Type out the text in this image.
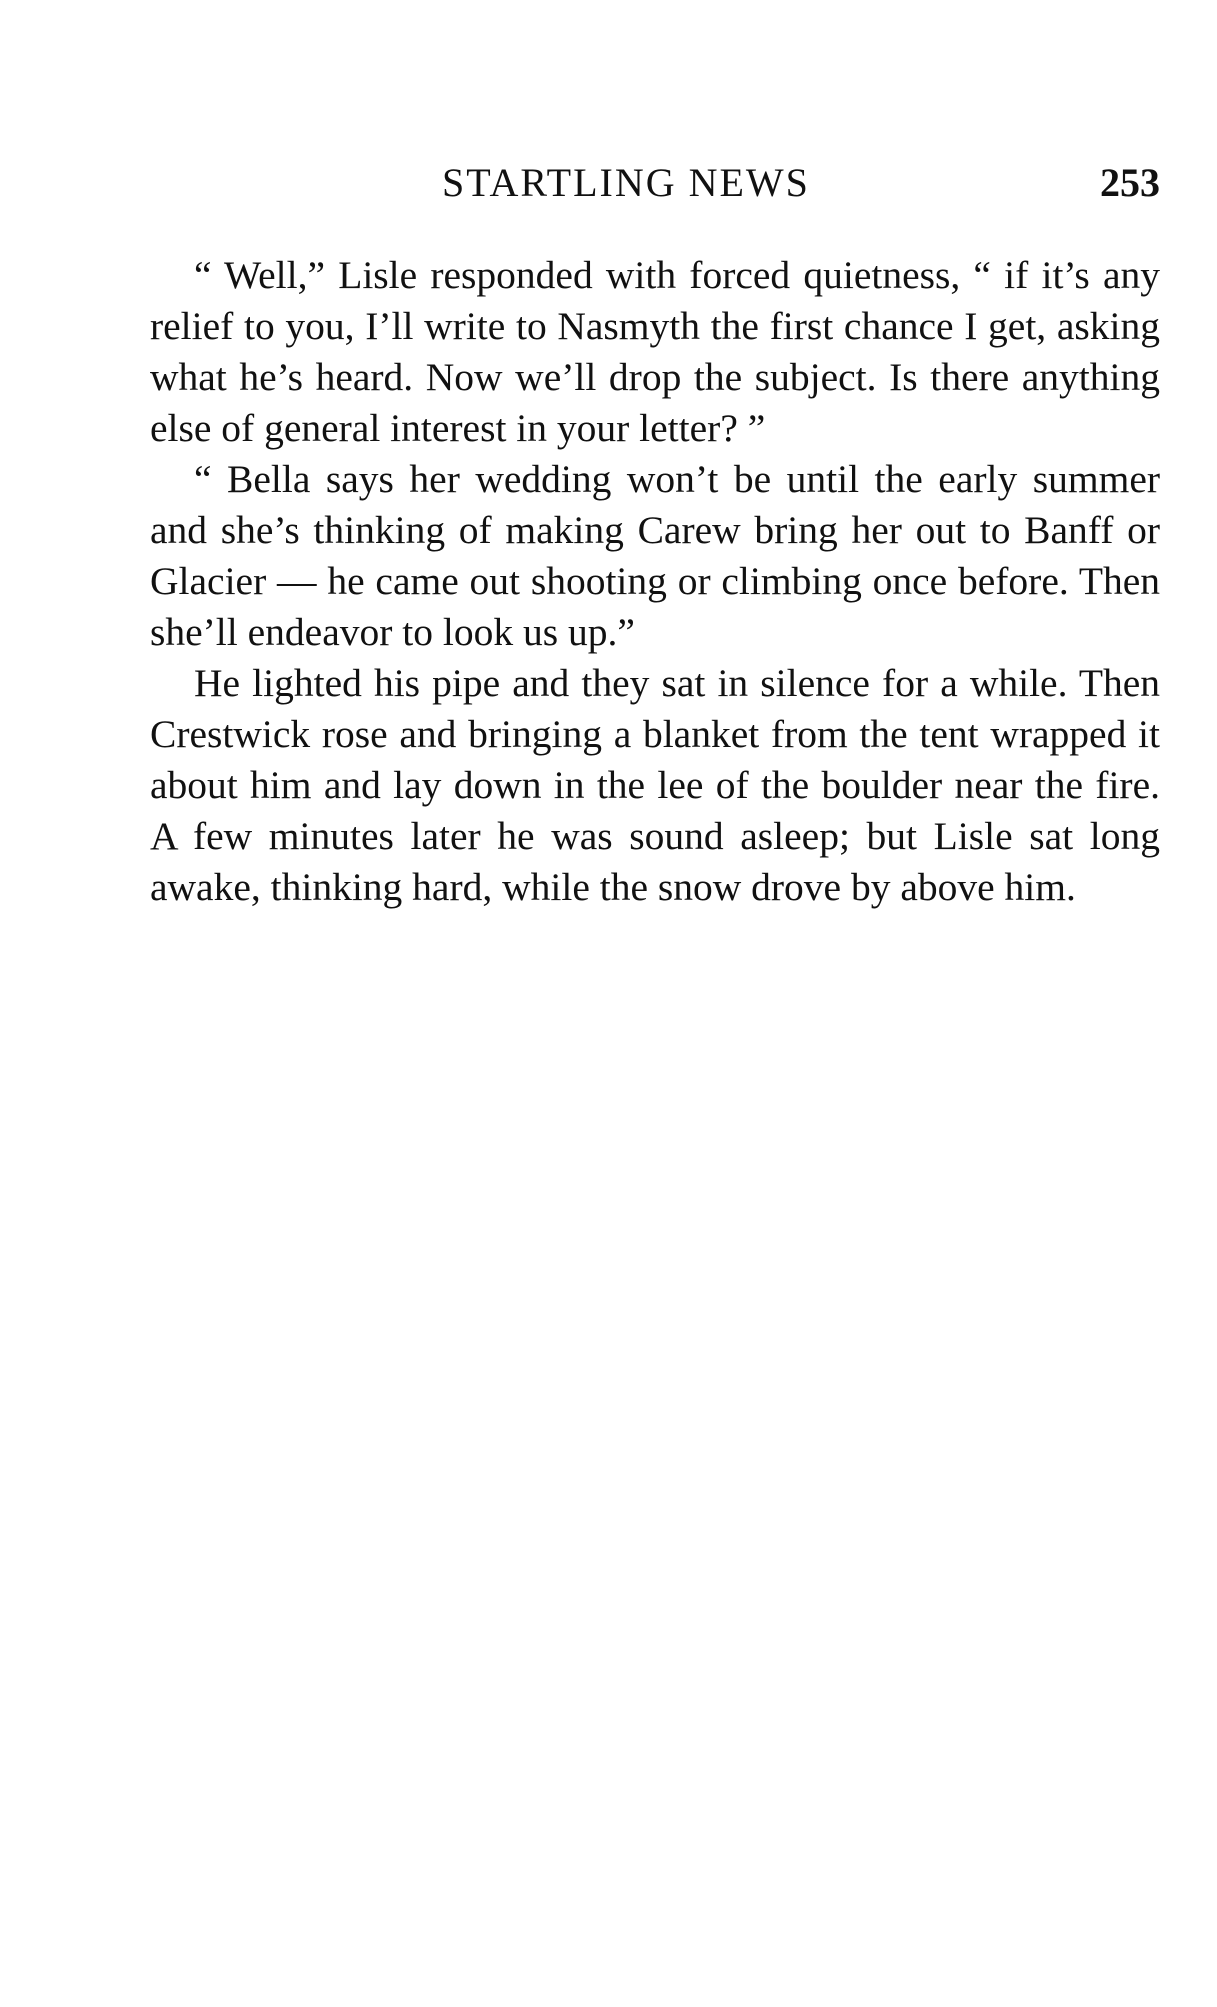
STARTLING NEWS	253

“ Well,” Lisle responded with forced quietness, “ if it’s any relief to you, I’ll write to Nasmyth the first chance I get, asking what he’s heard. Now we’ll drop the subject. Is there anything else of general interest in your letter? ”

“ Bella says her wedding won’t be until the early summer and she’s thinking of making Carew bring her out to Banff or Glacier — he came out shooting or climbing once before. Then she’ll endeavor to look us up.”

He lighted his pipe and they sat in silence for a while. Then Crestwick rose and bringing a blanket from the tent wrapped it about him and lay down in the lee of the boulder near the fire. A few minutes later he was sound asleep; but Lisle sat long awake, thinking hard, while the snow drove by above him.
